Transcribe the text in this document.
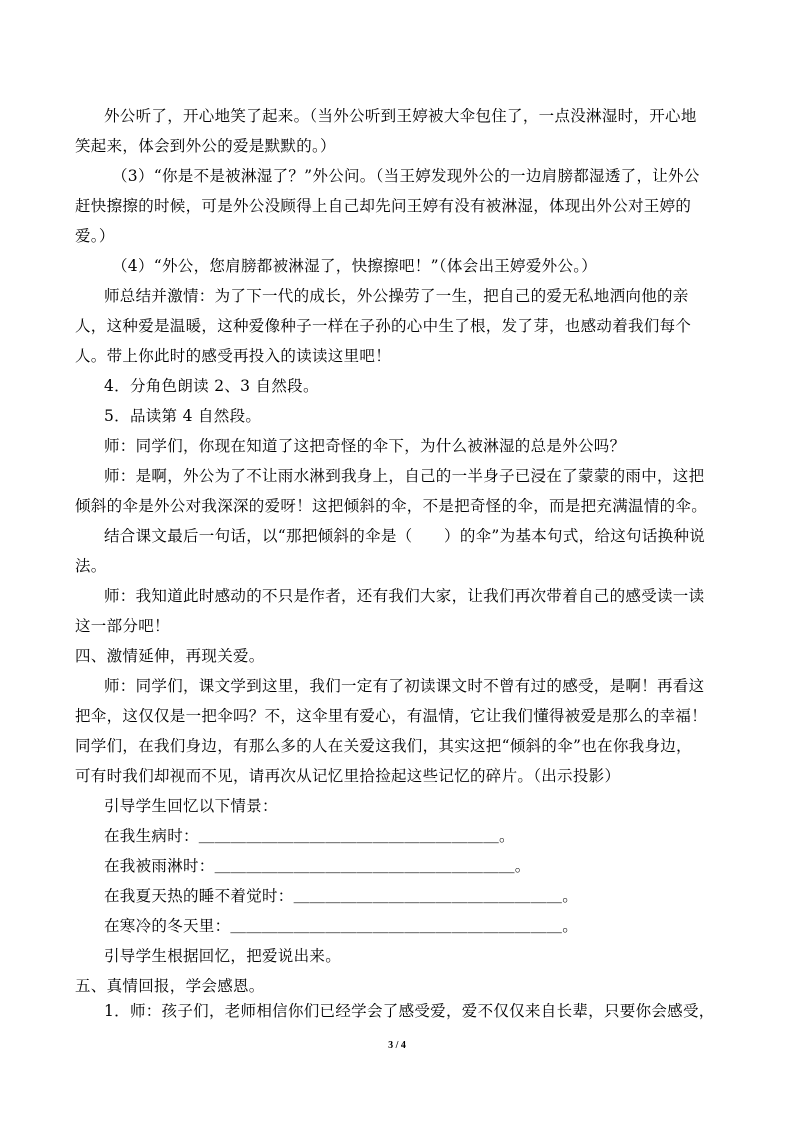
外公听了，开心地笑了起来。（当外公听到王婷被大伞包住了，一点没淋湿时，开心地
笑起来，体会到外公的爱是默默的。）
（3）“你是不是被淋湿了？”外公问。（当王婷发现外公的一边肩膀都湿透了，让外公
赶快擦擦的时候，可是外公没顾得上自己却先问王婷有没有被淋湿，体现出外公对王婷的
爱。）
（4）“外公，您肩膀都被淋湿了，快擦擦吧！”（体会出王婷爱外公。）
师总结并激情：为了下一代的成长，外公操劳了一生，把自己的爱无私地洒向他的亲
人，这种爱是温暖，这种爱像种子一样在子孙的心中生了根，发了芽，也感动着我们每个
人。带上你此时的感受再投入的读读这里吧！
4．分角色朗读 2、3 自然段。
5．品读第 4 自然段。
师：同学们，你现在知道了这把奇怪的伞下，为什么被淋湿的总是外公吗？
师：是啊，外公为了不让雨水淋到我身上，自己的一半身子已浸在了蒙蒙的雨中，这把
倾斜的伞是外公对我深深的爱呀！这把倾斜的伞，不是把奇怪的伞，而是把充满温情的伞。
结合课文最后一句话，以“那把倾斜的伞是（　　）的伞”为基本句式，给这句话换种说
法。
师：我知道此时感动的不只是作者，还有我们大家，让我们再次带着自己的感受读一读
这一部分吧！
四、激情延伸，再现关爱。
师：同学们，课文学到这里，我们一定有了初读课文时不曾有过的感受，是啊！再看这
把伞，这仅仅是一把伞吗？不，这伞里有爱心，有温情，它让我们懂得被爱是那么的幸福！
同学们，在我们身边，有那么多的人在关爱这我们，其实这把“倾斜的伞”也在你我身边，
可有时我们却视而不见，请再次从记忆里拾捡起这些记忆的碎片。（出示投影）
引导学生回忆以下情景：
在我生病时：＿＿＿＿＿＿＿＿＿＿＿＿＿＿＿＿＿＿＿。
在我被雨淋时：＿＿＿＿＿＿＿＿＿＿＿＿＿＿＿＿＿＿＿。
在我夏天热的睡不着觉时：＿＿＿＿＿＿＿＿＿＿＿＿＿＿＿＿＿。
在寒冷的冬天里：＿＿＿＿＿＿＿＿＿＿＿＿＿＿＿＿＿＿＿＿＿。
引导学生根据回忆，把爱说出来。
五、真情回报，学会感恩。
1．师：孩子们，老师相信你们已经学会了感受爱，爱不仅仅来自长辈，只要你会感受，
3 / 4
